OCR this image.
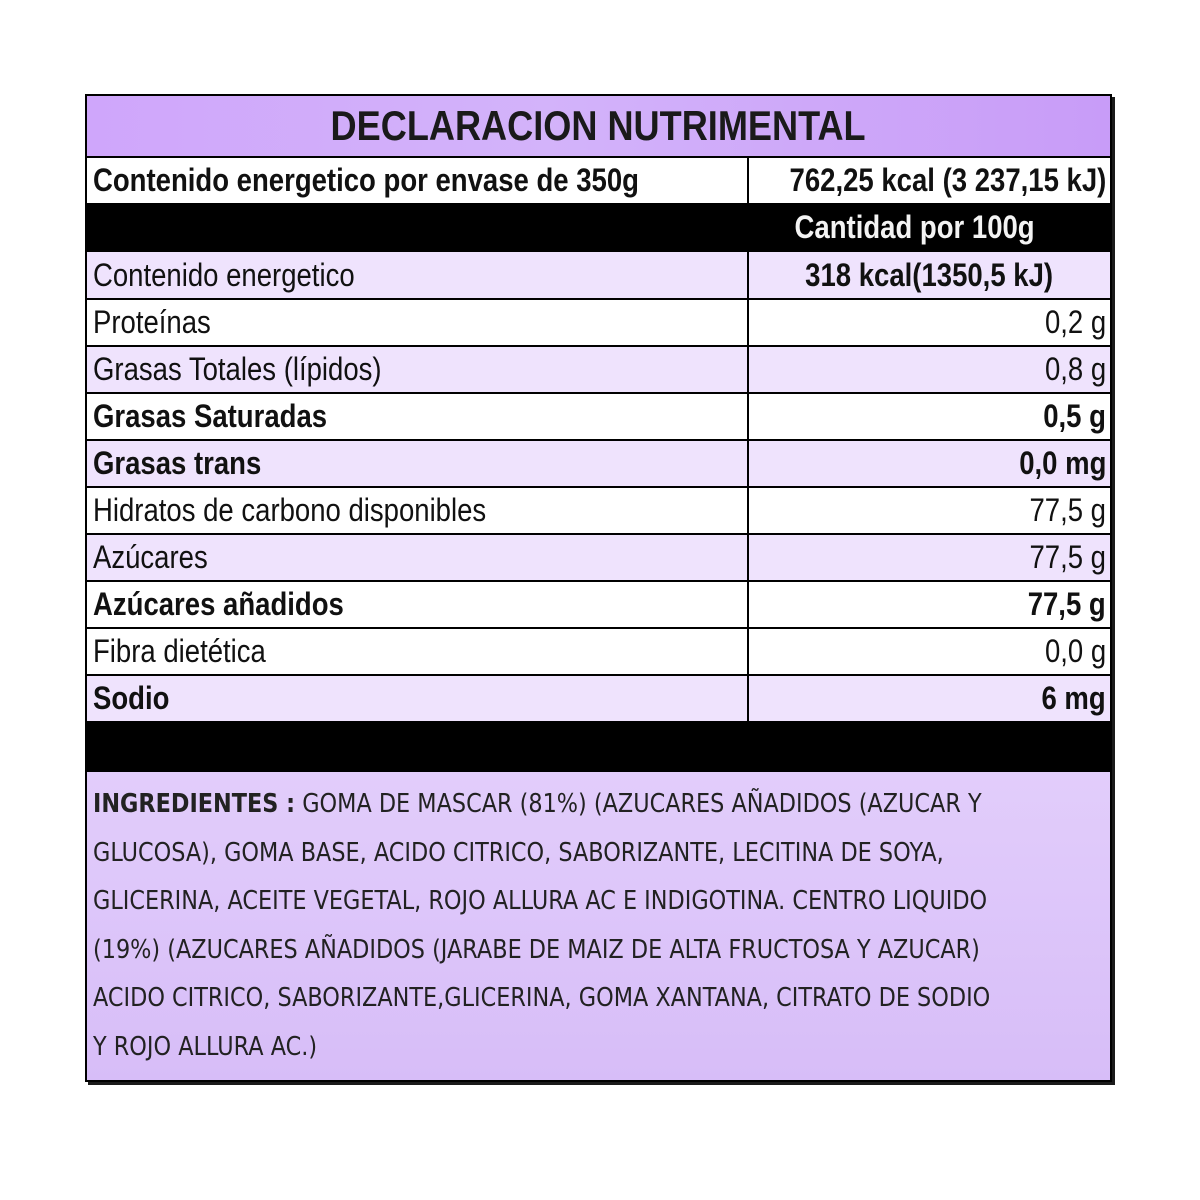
DECLARACION NUTRIMENTAL
Contenido energetico por envase de 350g	762,25 kcal (3 237,15 kJ)
Cantidad por 100g
Contenido energetico	318 kcal(1350,5 kJ)
Proteínas	0,2 g
Grasas Totales (lípidos)	0,8 g
Grasas Saturadas	0,5 g
Grasas trans	0,0 mg
Hidratos de carbono disponibles	77,5 g
Azúcares	77,5 g
Azúcares añadidos	77,5 g
Fibra dietética	0,0 g
Sodio	6 mg
INGREDIENTES : GOMA DE MASCAR (81%) (AZUCARES AÑADIDOS (AZUCAR Y
GLUCOSA), GOMA BASE, ACIDO CITRICO, SABORIZANTE, LECITINA DE SOYA,
GLICERINA, ACEITE VEGETAL, ROJO ALLURA AC E INDIGOTINA. CENTRO LIQUIDO
(19%) (AZUCARES AÑADIDOS (JARABE DE MAIZ DE ALTA FRUCTOSA Y AZUCAR)
ACIDO CITRICO, SABORIZANTE,GLICERINA, GOMA XANTANA, CITRATO DE SODIO
Y ROJO ALLURA AC.)
